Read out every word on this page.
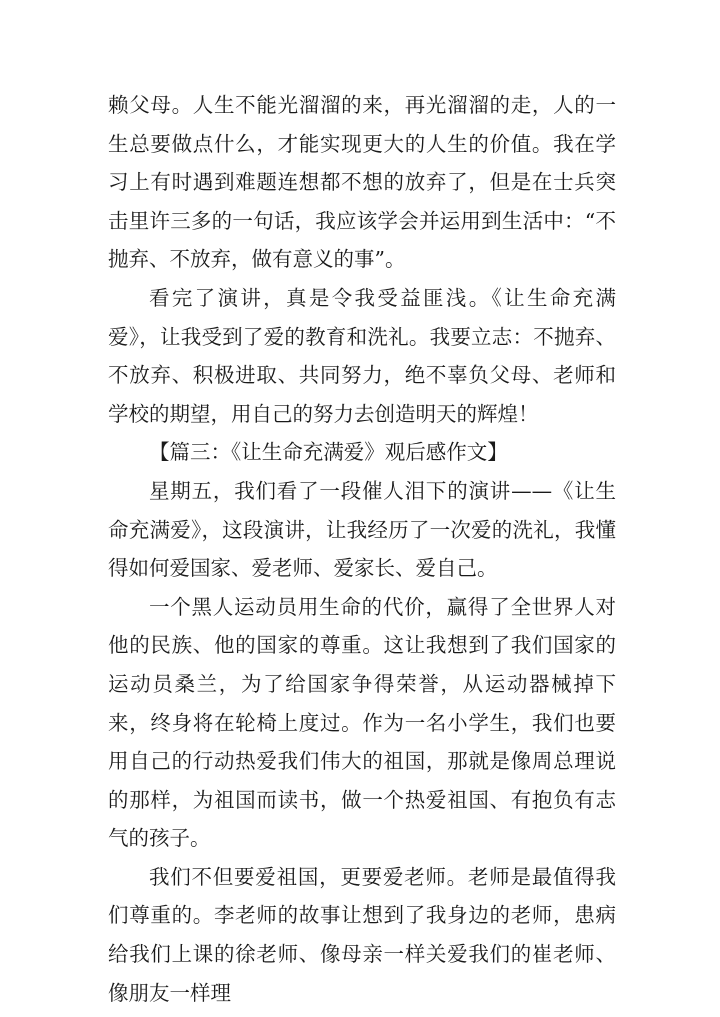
赖父母。人生不能光溜溜的来，再光溜溜的走，人的一生总要做点什么，才能实现更大的人生的价值。我在学习上有时遇到难题连想都不想的放弃了，但是在士兵突击里许三多的一句话，我应该学会并运用到生活中：“不抛弃、不放弃，做有意义的事”。

看完了演讲，真是令我受益匪浅。《让生命充满爱》，让我受到了爱的教育和洗礼。我要立志：不抛弃、不放弃、积极进取、共同努力，绝不辜负父母、老师和学校的期望，用自己的努力去创造明天的辉煌！

【篇三：《让生命充满爱》观后感作文】

星期五，我们看了一段催人泪下的演讲——《让生命充满爱》，这段演讲，让我经历了一次爱的洗礼，我懂得如何爱国家、爱老师、爱家长、爱自己。

一个黑人运动员用生命的代价，赢得了全世界人对他的民族、他的国家的尊重。这让我想到了我们国家的运动员桑兰，为了给国家争得荣誉，从运动器械掉下来，终身将在轮椅上度过。作为一名小学生，我们也要用自己的行动热爱我们伟大的祖国，那就是像周总理说的那样，为祖国而读书，做一个热爱祖国、有抱负有志气的孩子。

我们不但要爱祖国，更要爱老师。老师是最值得我们尊重的。李老师的故事让想到了我身边的老师，患病给我们上课的徐老师、像母亲一样关爱我们的崔老师、像朋友一样理
